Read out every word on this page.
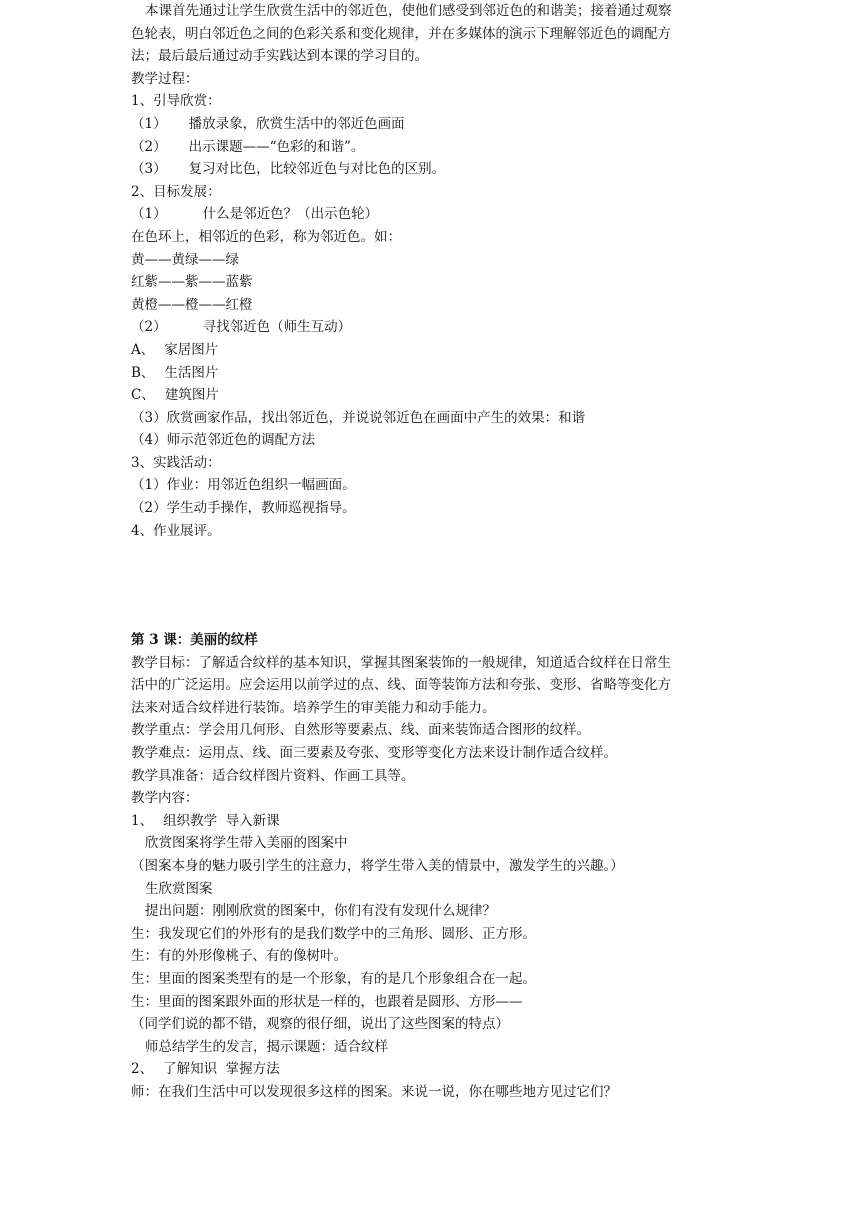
本课首先通过让学生欣赏生活中的邻近色，使他们感受到邻近色的和谐美；接着通过观察
色轮表，明白邻近色之间的色彩关系和变化规律，并在多媒体的演示下理解邻近色的调配方
法；最后最后通过动手实践达到本课的学习目的。
教学过程：
1、引导欣赏：
（1） 播放录象，欣赏生活中的邻近色画面
（2） 出示课题——“色彩的和谐”。
（3） 复习对比色，比较邻近色与对比色的区别。
2、目标发展：
（1）	什么是邻近色？（出示色轮）
在色环上，相邻近的色彩，称为邻近色。如：
黄——黄绿——绿
红紫——紫——蓝紫
黄橙——橙——红橙
（2）	寻找邻近色（师生互动）
A、 家居图片
B、 生活图片
C、 建筑图片
（3）欣赏画家作品，找出邻近色，并说说邻近色在画面中产生的效果：和谐
（4）师示范邻近色的调配方法
3、实践活动：
（1）作业：用邻近色组织一幅画面。
（2）学生动手操作，教师巡视指导。
4、作业展评。
第 3 课：美丽的纹样
教学目标：了解适合纹样的基本知识，掌握其图案装饰的一般规律，知道适合纹样在日常生
活中的广泛运用。应会运用以前学过的点、线、面等装饰方法和夸张、变形、省略等变化方
法来对适合纹样进行装饰。培养学生的审美能力和动手能力。
教学重点：学会用几何形、自然形等要素点、线、面来装饰适合图形的纹样。
教学难点：运用点、线、面三要素及夸张、变形等变化方法来设计制作适合纹样。
教学具准备：适合纹样图片资料、作画工具等。
教学内容：
1、 组织教学  导入新课
欣赏图案将学生带入美丽的图案中
（图案本身的魅力吸引学生的注意力，将学生带入美的情景中，激发学生的兴趣。）
生欣赏图案
提出问题：刚刚欣赏的图案中，你们有没有发现什么规律？
生：我发现它们的外形有的是我们数学中的三角形、圆形、正方形。
生：有的外形像桃子、有的像树叶。
生：里面的图案类型有的是一个形象，有的是几个形象组合在一起。
生：里面的图案跟外面的形状是一样的，也跟着是圆形、方形——
（同学们说的都不错，观察的很仔细，说出了这些图案的特点）
师总结学生的发言，揭示课题：适合纹样
2、 了解知识  掌握方法
师：在我们生活中可以发现很多这样的图案。来说一说，你在哪些地方见过它们？
